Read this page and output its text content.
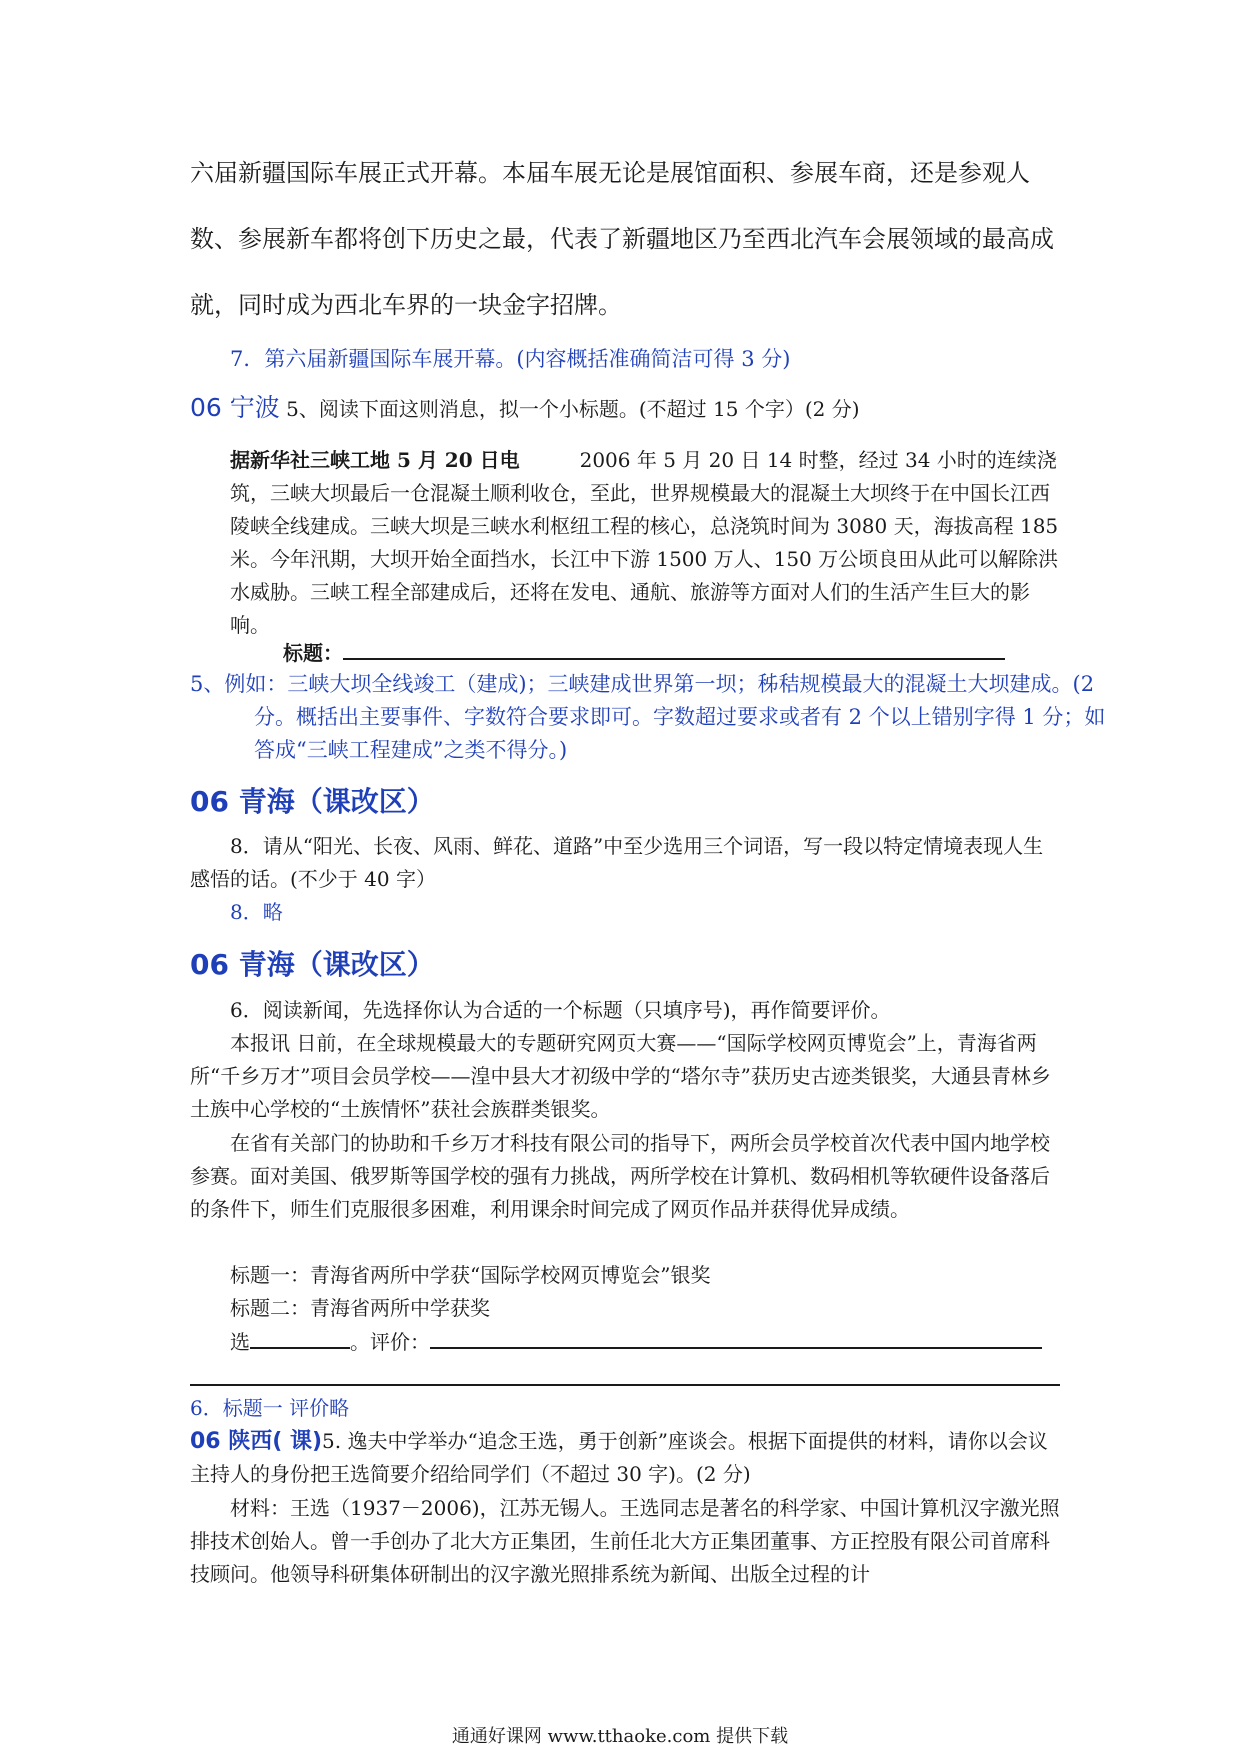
六届新疆国际车展正式开幕。本届车展无论是展馆面积、参展车商，还是参观人数、参展新车都将创下历史之最，代表了新疆地区乃至西北汽车会展领域的最高成就，同时成为西北车界的一块金字招牌。
7．第六届新疆国际车展开幕。(内容概括准确简洁可得 3 分)
06 宁波 5、阅读下面这则消息，拟一个小标题。(不超过 15 个字）(2 分)
据新华社三峡工地 5 月 20 日电	2006 年 5 月 20 日 14 时整，经过 34 小时的连续浇筑，三峡大坝最后一仓混凝土顺利收仓，至此，世界规模最大的混凝土大坝终于在中国长江西陵峡全线建成。三峡大坝是三峡水利枢纽工程的核心，总浇筑时间为 3080 天，海拔高程 185 米。今年汛期，大坝开始全面挡水，长江中下游 1500 万人、150 万公顷良田从此可以解除洪水威胁。三峡工程全部建成后，还将在发电、通航、旅游等方面对人们的生活产生巨大的影响。
标题：
5、例如：三峡大坝全线竣工（建成)；三峡建成世界第一坝；秭秸规模最大的混凝土大坝建成。(2 分。概括出主要事件、字数符合要求即可。字数超过要求或者有 2 个以上错别字得 1 分；如答成“三峡工程建成”之类不得分。)
06 青海（课改区）
8．请从“阳光、长夜、风雨、鲜花、道路”中至少选用三个词语，写一段以特定情境表现人生感悟的话。(不少于 40 字）
8．略
06 青海（课改区）
6．阅读新闻，先选择你认为合适的一个标题（只填序号)，再作简要评价。
本报讯 日前，在全球规模最大的专题研究网页大赛——“国际学校网页博览会”上，青海省两所“千乡万才”项目会员学校——湟中县大才初级中学的“塔尔寺”获历史古迹类银奖，大通县青林乡土族中心学校的“土族情怀”获社会族群类银奖。
在省有关部门的协助和千乡万才科技有限公司的指导下，两所会员学校首次代表中国内地学校参赛。面对美国、俄罗斯等国学校的强有力挑战，两所学校在计算机、数码相机等软硬件设备落后的条件下，师生们克服很多困难，利用课余时间完成了网页作品并获得优异成绩。
标题一：青海省两所中学获“国际学校网页博览会”银奖
标题二：青海省两所中学获奖
选	。评价：
6．标题一 评价略
06 陕西( 课)5. 逸夫中学举办“追念王选，勇于创新”座谈会。根据下面提供的材料，请你以会议主持人的身份把王选简要介绍给同学们（不超过 30 字)。(2 分)
材料：王选（1937－2006)，江苏无锡人。王选同志是著名的科学家、中国计算机汉字激光照排技术创始人。曾一手创办了北大方正集团，生前任北大方正集团董事、方正控股有限公司首席科技顾问。他领导科研集体研制出的汉字激光照排系统为新闻、出版全过程的计
通通好课网 www.tthaoke.com 提供下载
